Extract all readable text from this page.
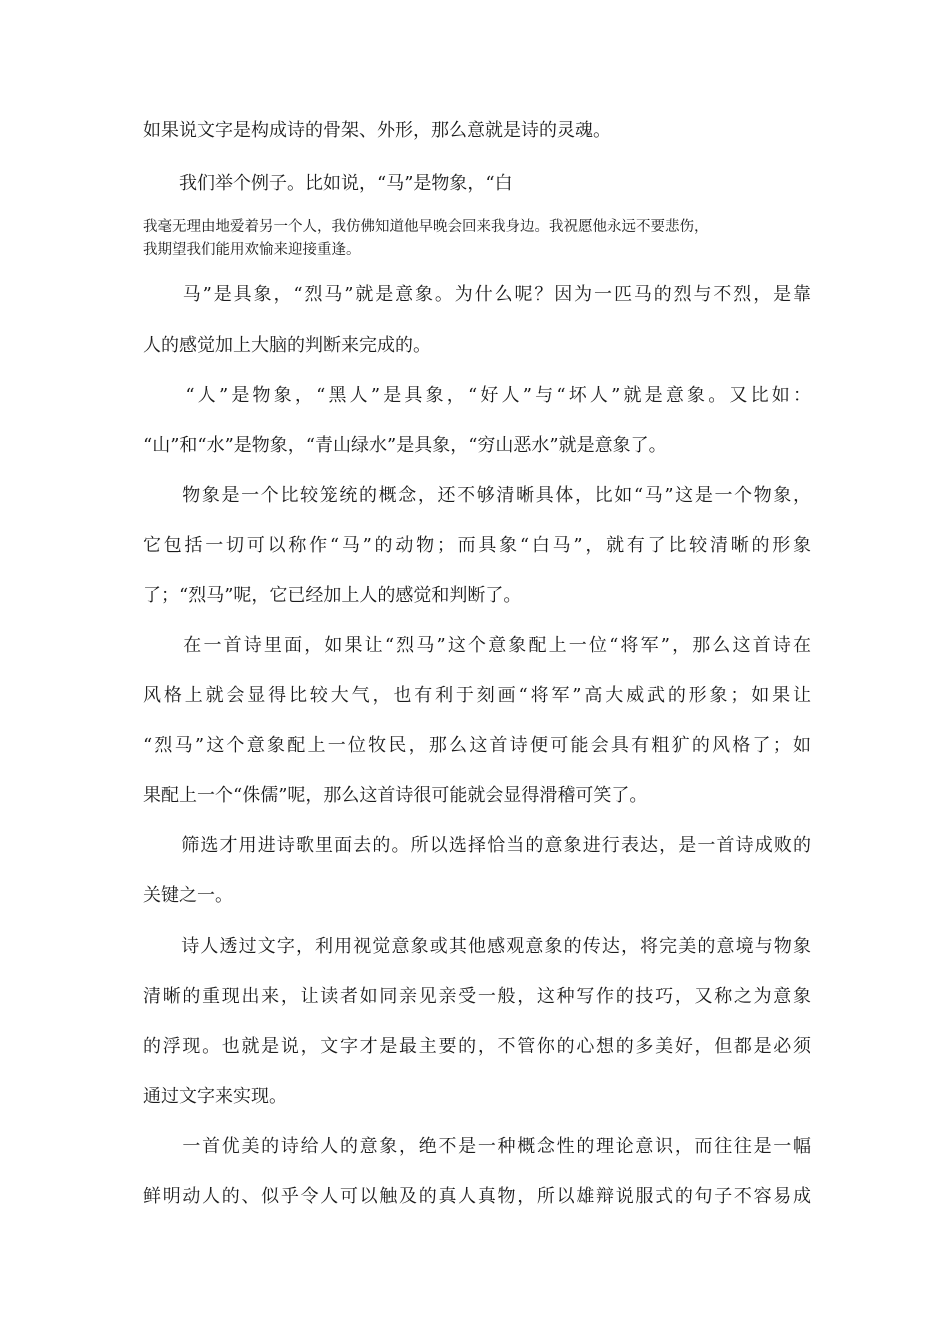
如果说文字是构成诗的骨架、外形，那么意就是诗的灵魂。
　　我们举个例子。比如说，“马”是物象，“白
我毫无理由地爱着另一个人，我仿佛知道他早晚会回来我身边。我祝愿他永远不要悲伤，
我期望我们能用欢愉来迎接重逢。
　　马”是具象，“烈马”就是意象。为什么呢？因为一匹马的烈与不烈，是靠
人的感觉加上大脑的判断来完成的。
　　“人”是物象，“黑人”是具象，“好人”与“坏人”就是意象。又比如：
“山”和“水”是物象，“青山绿水”是具象，“穷山恶水”就是意象了。
　　物象是一个比较笼统的概念，还不够清晰具体，比如“马”这是一个物象，
它包括一切可以称作“马”的动物；而具象“白马”，就有了比较清晰的形象
了；“烈马”呢，它已经加上人的感觉和判断了。
　　在一首诗里面，如果让“烈马”这个意象配上一位“将军”，那么这首诗在
风格上就会显得比较大气，也有利于刻画“将军”高大威武的形象；如果让
“烈马”这个意象配上一位牧民，那么这首诗便可能会具有粗犷的风格了；如
果配上一个“侏儒”呢，那么这首诗很可能就会显得滑稽可笑了。
　　筛选才用进诗歌里面去的。所以选择恰当的意象进行表达，是一首诗成败的
关键之一。
　　诗人透过文字，利用视觉意象或其他感观意象的传达，将完美的意境与物象
清晰的重现出来，让读者如同亲见亲受一般，这种写作的技巧，又称之为意象
的浮现。也就是说，文字才是最主要的，不管你的心想的多美好，但都是必须
通过文字来实现。
　　一首优美的诗给人的意象，绝不是一种概念性的理论意识，而往往是一幅
鲜明动人的、似乎令人可以触及的真人真物，所以雄辩说服式的句子不容易成
